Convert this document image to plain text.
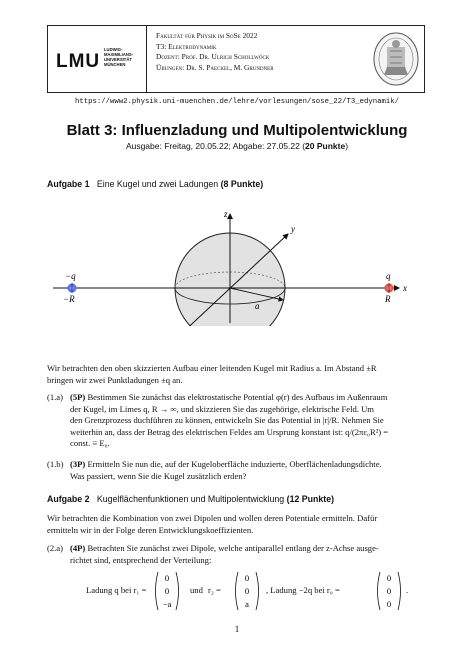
LMU
LUDWIG-
MAXIMILIANS-
UNIVERSITÄT
MÜNCHEN
Fakultät für Physik im SoSe 2022
T3: Elektrodynamik
Dozent: Prof. Dr. Ulrich Schollwöck
Übungen: Dr. S. Paeckel, M. Grundner
https://www2.physik.uni-muenchen.de/lehre/vorlesungen/sose_22/T3_edynamik/
Blatt 3: Influenzladung und Multipolentwicklung
Ausgabe: Freitag, 20.05.22; Abgabe: 27.05.22 (20 Punkte)
Aufgabe 1 Eine Kugel und zwei Ladungen (8 Punkte)
z
y
x
a
−q
−R
q
R
Wir betrachten den oben skizzierten Aufbau einer leitenden Kugel mit Radius a. Im Abstand ±R
bringen wir zwei Punktladungen ±q an.
(1.a) (5P) Bestimmen Sie zunächst das elektrostatische Potential φ(r) des Aufbaus im Außenraum
der Kugel, im Limes q, R → ∞, und skizzieren Sie das zugehörige, elektrische Feld. Um
den Grenzprozess duchführen zu können, entwickeln Sie das Potential in |r|/R. Nehmen Sie
weiterhin an, dass der Betrag des elektrischen Feldes am Ursprung konstant ist: q/(2πε₀R²) =
const. ≡ E₀.
(1.b) (3P) Ermitteln Sie nun die, auf der Kugeloberfläche induzierte, Oberflächenladungsdichte.
Was passiert, wenn Sie die Kugel zusätzlich erden?
Aufgabe 2 Kugelflächenfunktionen und Multipolentwicklung (12 Punkte)
Wir betrachten die Kombination von zwei Dipolen und wollen deren Potentiale ermitteln. Dafür
ermitteln wir in der Folge deren Entwicklungskoeffizienten.
(2.a) (4P) Betrachten Sie zunächst zwei Dipole, welche antiparallel entlang der z-Achse ausge-
richtet sind, entsprechend der Verteilung:
Ladung q bei r₁ =
0
0
−a
und r₂ =
0
0
a
, Ladung −2q bei r₀ =
0
0
0
.
1
